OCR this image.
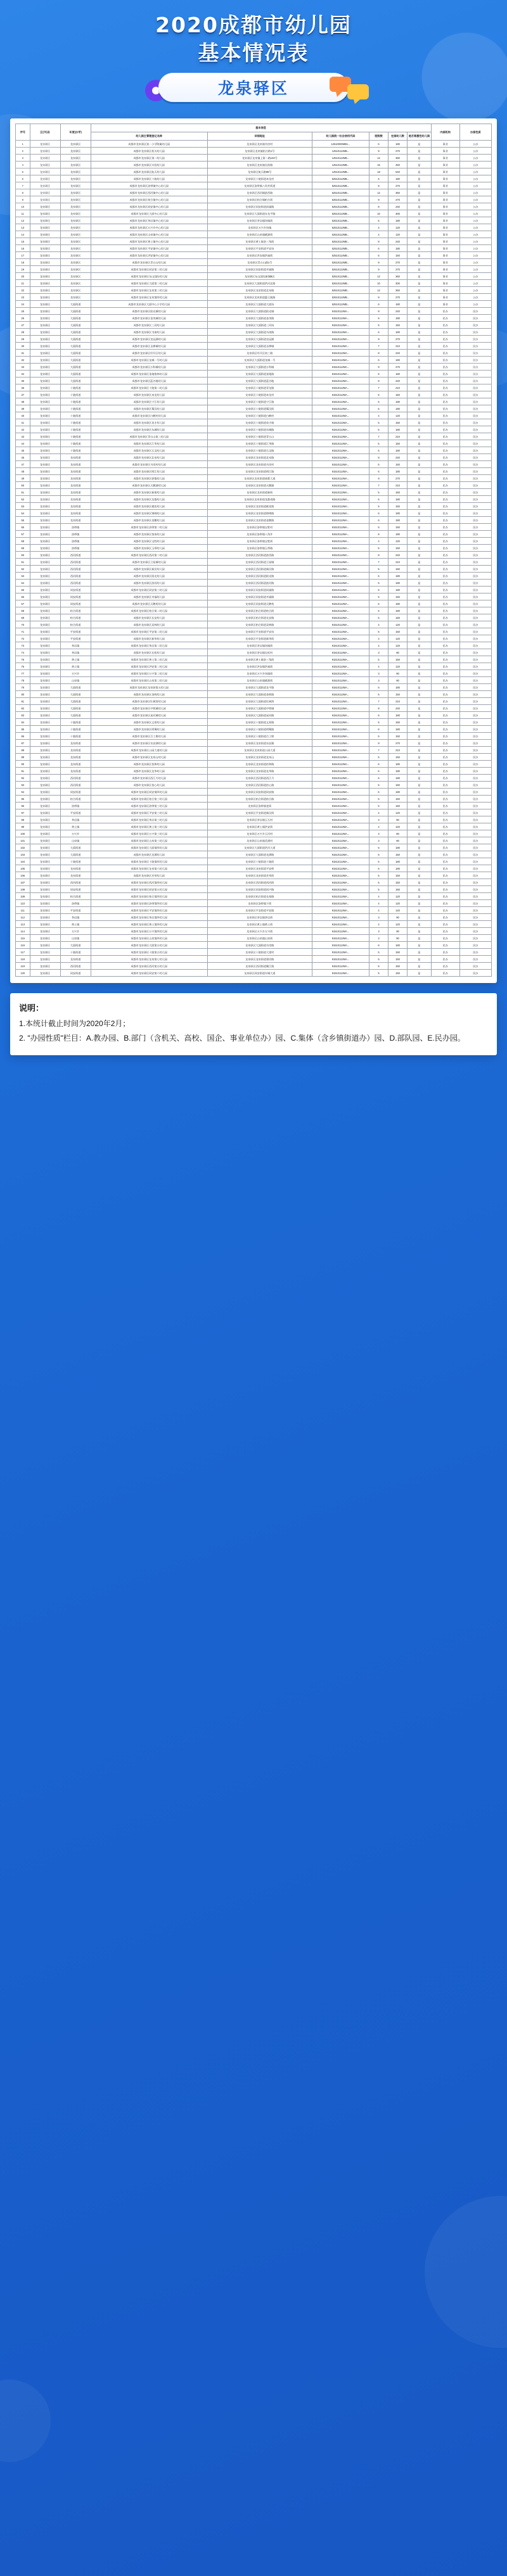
2020成都市幼儿园
基本情况表
龙泉驿区
序号	区(市)县	年度(办学)	基本信息						内部机构	办园性质
			幼儿园主管理登记名称	详细地址	幼儿园统一社会信用代码	班级数	在园幼儿数	是否普惠性幼儿园		
1	龙泉驿区	龙泉驿区	成都市龙泉驿区第一小学附属幼儿园	龙泉驿区龙泉镇书房村	12510000MB1...	6	180	是	事业	公办
2	龙泉驿区	龙泉驿区	成都市龙泉驿区机关幼儿园	龙泉驿区龙泉镇柏合路1号	12510112MB...	9	270	是	事业	公办
3	龙泉驿区	龙泉驿区	成都市龙泉驿区第二幼儿园	龙泉驿区龙泉镇上街二路102号	12510112MB...	12	360	是	事业	公办
4	龙泉驿区	龙泉驿区	成都市龙泉驿区实验幼儿园	龙泉驿区龙泉镇长柏路	12510112MB...	15	450	是	事业	公办
5	龙泉驿区	龙泉驿区	成都市龙泉驿区航天幼儿园	龙泉驿区航天路88号	12510112MB...	18	540	是	事业	公办
6	龙泉驿区	龙泉驿区	成都市龙泉驿区十陵幼儿园	龙泉驿区十陵街道来龙村	52510112MB...	6	180	是	事业	公办
7	龙泉驿区	龙泉驿区	成都市龙泉驿区洛带镇中心幼儿园	龙泉驿区洛带镇八角井街道	52510112MB...	9	270	是	事业	公办
8	龙泉驿区	龙泉驿区	成都市龙泉驿区西河镇中心幼儿园	龙泉驿区西河镇滨西路	52510112MB...	12	360	是	事业	公办
9	龙泉驿区	龙泉驿区	成都市龙泉驿区柏合镇中心幼儿园	龙泉驿区柏合镇柏合街	52510112MB...	9	270	是	事业	公办
10	龙泉驿区	龙泉驿区	成都市龙泉驿区同安镇中心幼儿园	龙泉驿区同安街道同福路	52510112MB...	8	240	是	事业	公办
11	龙泉驿区	龙泉驿区	成都市龙泉驿区大面中心幼儿园	龙泉驿区大面街道办龙平路	52510112MB...	10	300	是	事业	公办
12	龙泉驿区	龙泉驿区	成都市龙泉驿区茶店镇中心幼儿园	龙泉驿区茶店镇场镇街	52510112MB...	6	180	是	事业	公办
13	龙泉驿区	龙泉驿区	成都市龙泉驿区万兴乡中心幼儿园	龙泉驿区万兴乡场镇	52510112MB...	4	120	是	事业	公办
14	龙泉驿区	龙泉驿区	成都市龙泉驿区山泉镇中心幼儿园	龙泉驿区山泉镇桃源街	52510112MB...	4	120	是	事业	公办
15	龙泉驿区	龙泉驿区	成都市龙泉驿区黄土镇中心幼儿园	龙泉驿区黄土镇金三角街	52510112MB...	8	240	是	事业	公办
16	龙泉驿区	龙泉驿区	成都市龙泉驿区平安镇中心幼儿园	龙泉驿区平安街道平安场	52510112MB...	6	180	是	事业	公办
17	龙泉驿区	龙泉驿区	成都市龙泉驿区洪安镇中心幼儿园	龙泉驿区洪安镇洪福街	52510112MB...	5	150	是	事业	公办
18	龙泉驿区	龙泉驿区	成都市龙泉驿区青台山幼儿园	龙泉驿区青台山路1号	52510112MB...	9	270	是	事业	公办
19	龙泉驿区	龙泉驿区	成都市龙泉驿区同安第二幼儿园	龙泉驿区同安街道幸福路	52510112MB...	9	270	是	事业	公办
20	龙泉驿区	龙泉驿区	成都市龙泉驿区东山国际幼儿园	龙泉驿区东山国际新城B区	52510112MB...	12	360	是	事业	公办
21	龙泉驿区	龙泉驿区	成都市龙泉驿区大面第二幼儿园	龙泉驿区大面街道洪河北路	52510112MB...	10	300	是	事业	公办
22	龙泉驿区	龙泉驿区	成都市龙泉驿区龙泉第三幼儿园	龙泉驿区龙泉街道北泉路	52510112MB...	12	360	是	事业	公办
23	龙泉驿区	龙泉驿区	成都市龙泉驿区龙泉第四幼儿园	龙泉驿区龙泉街道惠王陵路	52510112MB...	9	270	是	事业	公办
24	龙泉驿区	大面街道	成都市龙泉驿区大面中心小学幼儿园	龙泉驿区大面街道大面场	52510112MB...	6	180	是	事业	公办
25	龙泉驿区	大面街道	成都市龙泉驿区阳光城幼儿园	龙泉驿区大面街道阳光城	91510112MA...	8	240	是	民办	民办
26	龙泉驿区	大面街道	成都市龙泉驿区金茂城幼儿园	龙泉驿区大面街道金茂路	91510112MA...	6	180	是	民办	民办
27	龙泉驿区	大面街道	成都市龙泉驿区三河幼儿园	龙泉驿区大面街道三河场	91510112MA...	5	150	是	民办	民办
28	龙泉驿区	大面街道	成都市龙泉驿区书南幼儿园	龙泉驿区大面街道书南路	91510112MA...	6	180	是	民办	民办
29	龙泉驿区	大面街道	成都市龙泉驿区皇冠湖幼儿园	龙泉驿区大面街道皇冠湖	91510112MA...	9	270	是	民办	民办
30	龙泉驿区	大面街道	成都市龙泉驿区圣桦城幼儿园	龙泉驿区大面街道圣桦城	91510112MA...	7	210	是	民办	民办
31	龙泉驿区	大面街道	成都市龙泉驿区经开区幼儿园	龙泉驿区经开区南三路	91510112MA...	8	240	是	民办	民办
32	龙泉驿区	大面街道	成都市龙泉驿区龙城一号幼儿园	龙泉驿区大面街道龙城一号	91510112MA...	6	180	是	民办	民办
33	龙泉驿区	大面街道	成都市龙泉驿区万科城幼儿园	龙泉驿区大面街道万科城	91510112MA...	9	270	是	民办	民办
34	龙泉驿区	大面街道	成都市龙泉驿区金地格林幼儿园	龙泉驿区大面街道金地路	91510112MA...	6	180	是	民办	民办
35	龙泉驿区	大面街道	成都市龙泉驿区蓝谷地幼儿园	龙泉驿区大面街道蓝谷地	91510112MA...	8	240	是	民办	民办
36	龙泉驿区	十陵街道	成都市龙泉驿区十陵第二幼儿园	龙泉驿区十陵街道青龙路	91510112MA...	7	210	是	民办	民办
37	龙泉驿区	十陵街道	成都市龙泉驿区来龙幼儿园	龙泉驿区十陵街道来龙村	91510112MA...	5	150	是	民办	民办
38	龙泉驿区	十陵街道	成都市龙泉驿区宁江幼儿园	龙泉驿区十陵街道宁江路	91510112MA...	6	180	是	民办	民办
39	龙泉驿区	十陵街道	成都市龙泉驿区蜀汉幼儿园	龙泉驿区十陵街道蜀汉街	91510112MA...	6	180	是	民办	民办
40	龙泉驿区	十陵街道	成都市龙泉驿区白鹤村幼儿园	龙泉驿区十陵街道白鹤村	91510112MA...	4	120	是	民办	民办
41	龙泉驿区	十陵街道	成都市龙泉驿区英才幼儿园	龙泉驿区十陵街道英才路	91510112MA...	5	150	是	民办	民办
42	龙泉驿区	十陵街道	成都市龙泉驿区东城幼儿园	龙泉驿区十陵街道东城路	91510112MA...	6	180	是	民办	民办
43	龙泉驿区	十陵街道	成都市龙泉驿区青台山第二幼儿园	龙泉驿区十陵街道青台山	91510112MA...	7	210	是	民办	民办
44	龙泉驿区	十陵街道	成都市龙泉驿区江华幼儿园	龙泉驿区十陵街道江华路	91510112MA...	5	150	是	民办	民办
45	龙泉驿区	十陵街道	成都市龙泉驿区石灵幼儿园	龙泉驿区十陵街道石灵路	91510112MA...	6	180	是	民办	民办
46	龙泉驿区	龙泉街道	成都市龙泉驿区北泉幼儿园	龙泉驿区龙泉街道北泉路	91510112MA...	8	240	是	民办	民办
47	龙泉驿区	龙泉街道	成都市龙泉驿区书房村幼儿园	龙泉驿区龙泉街道书房村	91510112MA...	5	150	是	民办	民办
48	龙泉驿区	龙泉街道	成都市龙泉驿区明江幼儿园	龙泉驿区龙泉街道明江路	91510112MA...	6	180	是	民办	民办
49	龙泉驿区	龙泉街道	成都市龙泉驿区驿都幼儿园	龙泉驿区龙泉街道驿都大道	91510112MA...	9	270	是	民办	民办
50	龙泉驿区	龙泉街道	成都市龙泉驿区天鹅湖幼儿园	龙泉驿区龙泉街道天鹅湖	91510112MA...	7	210	是	民办	民办
51	龙泉驿区	龙泉街道	成都市龙泉驿区新街幼儿园	龙泉驿区龙泉街道新街	91510112MA...	5	150	是	民办	民办
52	龙泉驿区	龙泉街道	成都市龙泉驿区龙都幼儿园	龙泉驿区龙泉街道龙都南路	91510112MA...	6	180	是	民办	民办
53	龙泉驿区	龙泉街道	成都市龙泉驿区桃花幼儿园	龙泉驿区龙泉街道桃花路	91510112MA...	5	150	是	民办	民办
54	龙泉驿区	龙泉街道	成都市龙泉驿区锦绣幼儿园	龙泉驿区龙泉街道锦绣路	91510112MA...	6	180	是	民办	民办
55	龙泉驿区	龙泉街道	成都市龙泉驿区金鹅幼儿园	龙泉驿区龙泉街道金鹅路	91510112MA...	6	180	是	民办	民办
56	龙泉驿区	洛带镇	成都市龙泉驿区洛带第二幼儿园	龙泉驿区洛带镇宝胜村	91510112MA...	5	150	是	民办	民办
57	龙泉驿区	洛带镇	成都市龙泉驿区客家幼儿园	龙泉驿区洛带镇八角井	91510112MA...	6	180	是	民办	民办
58	龙泉驿区	洛带镇	成都市龙泉驿区宝胜幼儿园	龙泉驿区洛带镇宝胜街	91510112MA...	4	120	是	民办	民办
59	龙泉驿区	洛带镇	成都市龙泉驿区玉带幼儿园	龙泉驿区洛带镇玉带路	91510112MA...	5	150	是	民办	民办
60	龙泉驿区	西河街道	成都市龙泉驿区西河第二幼儿园	龙泉驿区西河街道滨西路	91510112MA...	8	240	是	民办	民办
61	龙泉驿区	西河街道	成都市龙泉驿区卫星城幼儿园	龙泉驿区西河街道卫星城	91510112MA...	7	210	是	民办	民办
62	龙泉驿区	西河街道	成都市龙泉驿区新民幼儿园	龙泉驿区西河街道新民路	91510112MA...	5	150	是	民办	民办
63	龙泉驿区	西河街道	成都市龙泉驿区阳光幼儿园	龙泉驿区西河街道阳光路	91510112MA...	6	180	是	民办	民办
64	龙泉驿区	西河街道	成都市龙泉驿区滨河幼儿园	龙泉驿区西河街道滨河路	91510112MA...	6	180	是	民办	民办
65	龙泉驿区	同安街道	成都市龙泉驿区同安第三幼儿园	龙泉驿区同安街道同福路	91510112MA...	6	180	是	民办	民办
66	龙泉驿区	同安街道	成都市龙泉驿区幸福幼儿园	龙泉驿区同安街道幸福路	91510112MA...	5	150	是	民办	民办
67	龙泉驿区	同安街道	成都市龙泉驿区天鹅苑幼儿园	龙泉驿区同安街道天鹅苑	91510112MA...	6	180	是	民办	民办
68	龙泉驿区	柏合街道	成都市龙泉驿区柏合第二幼儿园	龙泉驿区柏合街道柏合街	91510112MA...	6	180	是	民办	民办
69	龙泉驿区	柏合街道	成都市龙泉驿区长安幼儿园	龙泉驿区柏合街道长安路	91510112MA...	5	150	是	民办	民办
70	龙泉驿区	柏合街道	成都市龙泉驿区双林幼儿园	龙泉驿区柏合街道双林路	91510112MA...	4	120	是	民办	民办
71	龙泉驿区	平安街道	成都市龙泉驿区平安第二幼儿园	龙泉驿区平安街道平安场	91510112MA...	5	150	是	民办	民办
72	龙泉驿区	平安街道	成都市龙泉驿区新华幼儿园	龙泉驿区平安街道新华街	91510112MA...	4	120	是	民办	民办
73	龙泉驿区	茶店镇	成都市龙泉驿区茶店第二幼儿园	龙泉驿区茶店镇场镇街	91510112MA...	4	120	是	民办	民办
74	龙泉驿区	茶店镇	成都市龙泉驿区长松幼儿园	龙泉驿区茶店镇长松村	91510112MA...	3	90	是	民办	民办
75	龙泉驿区	黄土镇	成都市龙泉驿区黄土第二幼儿园	龙泉驿区黄土镇金三角街	91510112MA...	5	150	是	民办	民办
76	龙泉驿区	黄土镇	成都市龙泉驿区洪安第二幼儿园	龙泉驿区洪安镇洪福街	91510112MA...	4	120	是	民办	民办
77	龙泉驿区	万兴乡	成都市龙泉驿区万兴第二幼儿园	龙泉驿区万兴乡场镇街	91510112MA...	3	90	是	民办	民办
78	龙泉驿区	山泉镇	成都市龙泉驿区山泉第二幼儿园	龙泉驿区山泉镇桃源街	91510112MA...	3	90	是	民办	民办
79	龙泉驿区	大面街道	成都市龙泉驿区龙泉驿第五幼儿园	龙泉驿区大面街道龙平路	91510112MA...	6	180	是	民办	民办
80	龙泉驿区	大面街道	成都市龙泉驿区金辉幼儿园	龙泉驿区大面街道金辉路	91510112MA...	5	150	是	民办	民办
81	龙泉驿区	大面街道	成都市龙泉驿区红树湾幼儿园	龙泉驿区大面街道红树湾	91510112MA...	7	210	是	民办	民办
82	龙泉驿区	大面街道	成都市龙泉驿区中铁城幼儿园	龙泉驿区大面街道中铁城	91510112MA...	8	240	是	民办	民办
83	龙泉驿区	大面街道	成都市龙泉驿区星河城幼儿园	龙泉驿区大面街道星河路	91510112MA...	6	180	是	民办	民办
84	龙泉驿区	十陵街道	成都市龙泉驿区文景幼儿园	龙泉驿区十陵街道文景路	91510112MA...	5	150	是	民办	民办
85	龙泉驿区	十陵街道	成都市龙泉驿区明蜀幼儿园	龙泉驿区十陵街道明蜀路	91510112MA...	6	180	是	民办	民办
86	龙泉驿区	十陵街道	成都市龙泉驿区百工堰幼儿园	龙泉驿区十陵街道百工堰	91510112MA...	5	150	是	民办	民办
87	龙泉驿区	龙泉街道	成都市龙泉驿区东安湖幼儿园	龙泉驿区龙泉街道东安湖	91510112MA...	9	270	是	民办	民办
88	龙泉驿区	龙泉街道	成都市龙泉驿区公园大道幼儿园	龙泉驿区龙泉街道公园大道	91510112MA...	7	210	是	民办	民办
89	龙泉驿区	龙泉街道	成都市龙泉驿区龙泉山幼儿园	龙泉驿区龙泉街道龙泉山	91510112MA...	5	150	是	民办	民办
90	龙泉驿区	龙泉街道	成都市龙泉驿区怡和幼儿园	龙泉驿区龙泉街道怡和路	91510112MA...	6	180	是	民办	民办
91	龙泉驿区	龙泉街道	成都市龙泉驿区龙华幼儿园	龙泉驿区龙泉街道龙华路	91510112MA...	6	180	是	民办	民办
92	龙泉驿区	西河街道	成都市龙泉驿区西江月幼儿园	龙泉驿区西河街道西江月	91510112MA...	6	180	是	民办	民办
93	龙泉驿区	西河街道	成都市龙泉驿区怡心幼儿园	龙泉驿区西河街道怡心路	91510112MA...	5	150	是	民办	民办
94	龙泉驿区	同安街道	成都市龙泉驿区同安第四幼儿园	龙泉驿区同安街道同安路	91510112MA...	6	180	是	民办	民办
95	龙泉驿区	柏合街道	成都市龙泉驿区柏合第三幼儿园	龙泉驿区柏合街道柏合路	91510112MA...	5	150	是	民办	民办
96	龙泉驿区	洛带镇	成都市龙泉驿区洛带第三幼儿园	龙泉驿区洛带镇老街	91510112MA...	5	150	是	民办	民办
97	龙泉驿区	平安街道	成都市龙泉驿区平安第三幼儿园	龙泉驿区平安街道新民街	91510112MA...	4	120	是	民办	民办
98	龙泉驿区	茶店镇	成都市龙泉驿区茶店第三幼儿园	龙泉驿区茶店镇玉石村	91510112MA...	3	90	是	民办	民办
99	龙泉驿区	黄土镇	成都市龙泉驿区黄土第三幼儿园	龙泉驿区黄土镇洪安街	91510112MA...	4	120	是	民办	民办
100	龙泉驿区	万兴乡	成都市龙泉驿区万兴第三幼儿园	龙泉驿区万兴乡玉河村	91510112MA...	3	90	是	民办	民办
101	龙泉驿区	山泉镇	成都市龙泉驿区山泉第三幼儿园	龙泉驿区山泉镇美满村	91510112MA...	3	90	是	民办	民办
102	龙泉驿区	大面街道	成都市龙泉驿区大面第四幼儿园	龙泉驿区大面街道洪河大道	91510112MA...	6	180	是	民办	民办
103	龙泉驿区	大面街道	成都市龙泉驿区龙潭幼儿园	龙泉驿区大面街道龙潭路	91510112MA...	5	150	是	民办	民办
104	龙泉驿区	十陵街道	成都市龙泉驿区十陵第四幼儿园	龙泉驿区十陵街道十陵街	91510112MA...	6	180	是	民办	民办
105	龙泉驿区	龙泉街道	成都市龙泉驿区龙泉第六幼儿园	龙泉驿区龙泉街道平安桥	91510112MA...	6	180	是	民办	民办
106	龙泉驿区	龙泉街道	成都市龙泉驿区芳草幼儿园	龙泉驿区龙泉街道芳草街	91510112MA...	5	150	是	民办	民办
107	龙泉驿区	西河街道	成都市龙泉驿区西河第四幼儿园	龙泉驿区西河街道西河街	91510112MA...	5	150	是	民办	民办
108	龙泉驿区	同安街道	成都市龙泉驿区同安第五幼儿园	龙泉驿区同安街道同兴路	91510112MA...	5	150	是	民办	民办
109	龙泉驿区	柏合街道	成都市龙泉驿区柏合第四幼儿园	龙泉驿区柏合街道长柏路	91510112MA...	4	120	是	民办	民办
110	龙泉驿区	洛带镇	成都市龙泉驿区洛带第四幼儿园	龙泉驿区洛带镇下街	91510112MA...	4	120	是	民办	民办
111	龙泉驿区	平安街道	成都市龙泉驿区平安第四幼儿园	龙泉驿区平安街道平安路	91510112MA...	4	120	是	民办	民办
112	龙泉驿区	茶店镇	成都市龙泉驿区茶店第四幼儿园	龙泉驿区茶店镇茶店街	91510112MA...	3	90	是	民办	民办
113	龙泉驿区	黄土镇	成都市龙泉驿区黄土第四幼儿园	龙泉驿区黄土镇黄土街	91510112MA...	4	120	是	民办	民办
114	龙泉驿区	万兴乡	成都市龙泉驿区万兴第四幼儿园	龙泉驿区万兴乡万兴街	91510112MA...	3	90	是	民办	民办
115	龙泉驿区	山泉镇	成都市龙泉驿区山泉第四幼儿园	龙泉驿区山泉镇山泉街	91510112MA...	3	90	是	民办	民办
116	龙泉驿区	大面街道	成都市龙泉驿区大面第五幼儿园	龙泉驿区大面街道书房路	91510112MA...	6	180	是	民办	民办
117	龙泉驿区	十陵街道	成都市龙泉驿区十陵第五幼儿园	龙泉驿区十陵街道大梁村	91510112MA...	5	150	是	民办	民办
118	龙泉驿区	龙泉街道	成都市龙泉驿区龙泉第七幼儿园	龙泉驿区龙泉街道建设路	91510112MA...	5	150	是	民办	民办
119	龙泉驿区	西河街道	成都市龙泉驿区西河第五幼儿园	龙泉驿区西河街道顺江路	91510112MA...	5	150	是	民办	民办
120	龙泉驿区	同安街道	成都市龙泉驿区同安第六幼儿园	龙泉驿区同安街道车城大道	91510112MA...	5	150	是	民办	民办

说明：

1.本统计截止时间为2020年2月；

2. "办园性质"栏目：A.教办园、B.部门（含机关、高校、国企、事业单位办）园、C.集体（含乡镇街道办）园、D.部队园、E.民办园。
